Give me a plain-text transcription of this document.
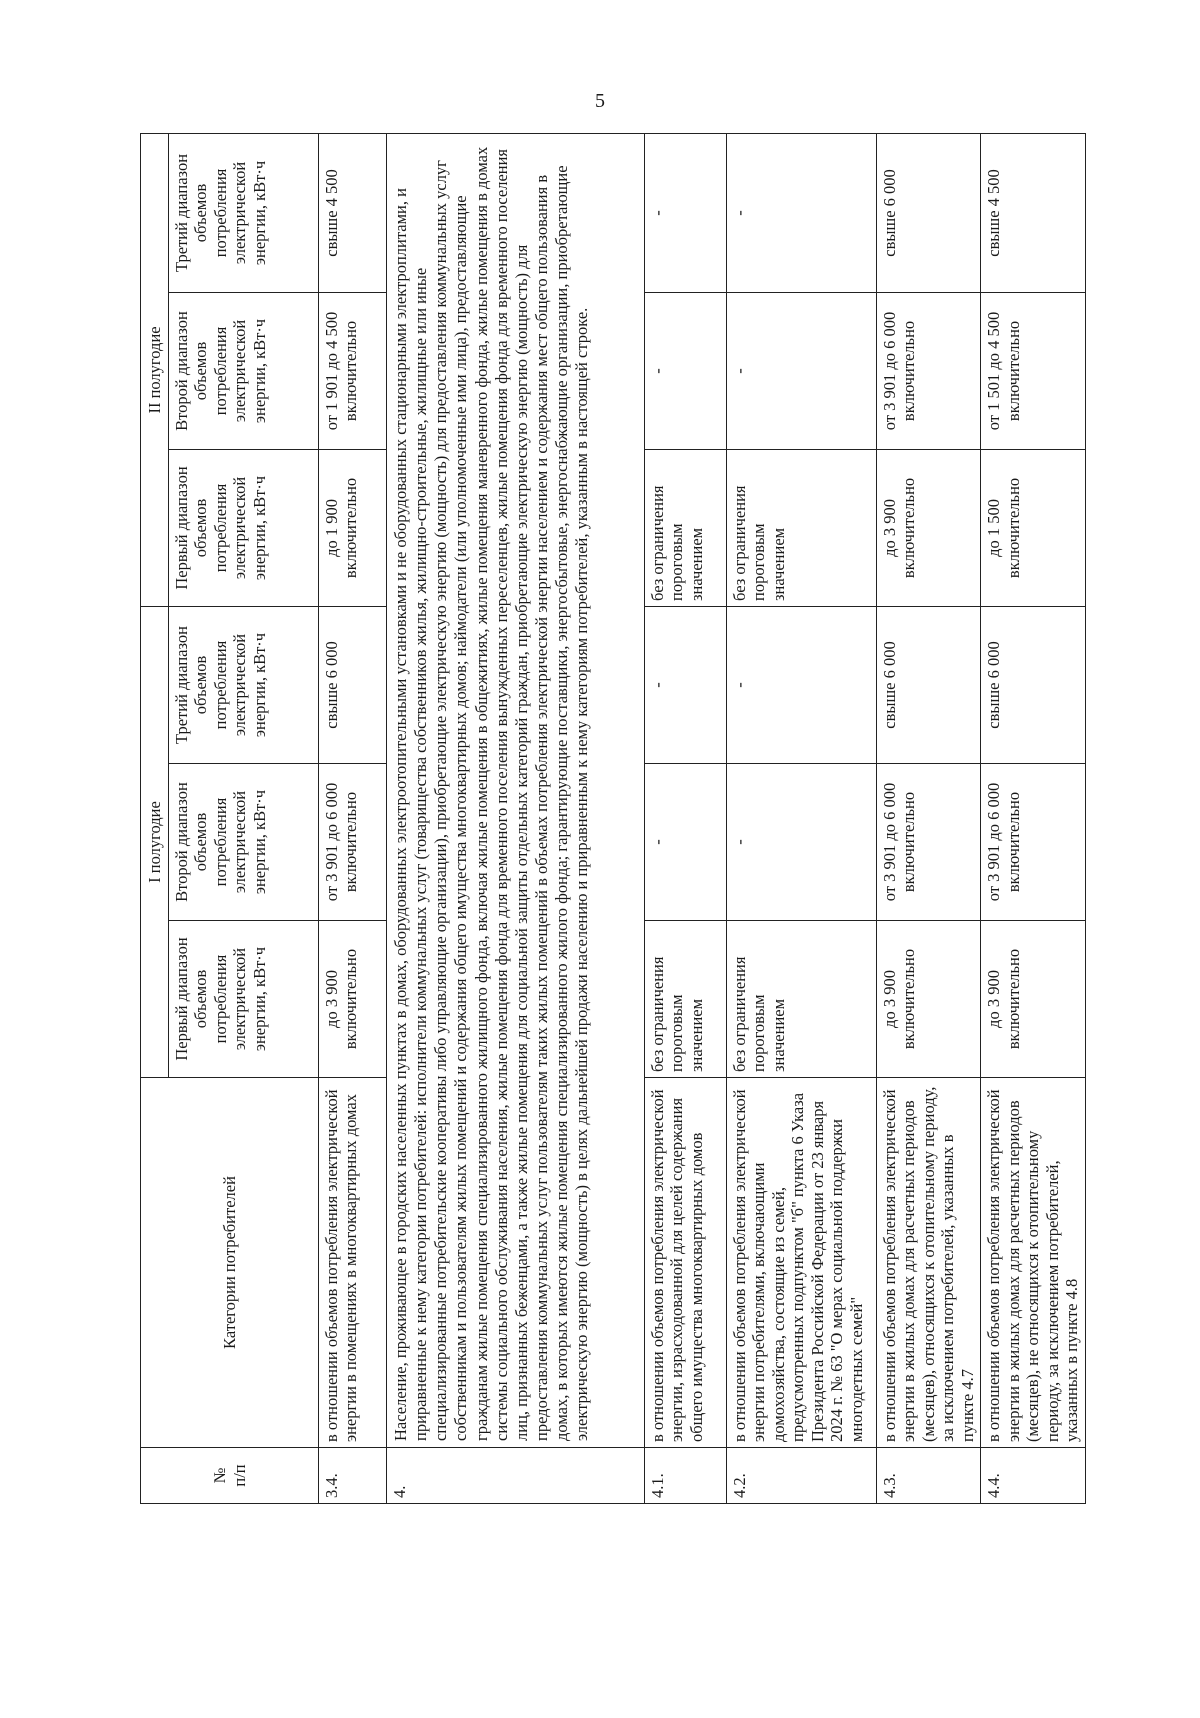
5
№
п/п	Категории потребителей	I полугодие			II полугодие		
		Первый диапазон объемов потребления электрической энергии, кВт·ч	Второй диапазон объемов потребления электрической энергии, кВт·ч	Третий диапазон объемов потребления электрической энергии, кВт·ч	Первый диапазон объемов потребления электрической энергии, кВт·ч	Второй диапазон объемов потребления электрической энергии, кВт·ч	Третий диапазон объемов потребления электрической энергии, кВт·ч
3.4.	в отношении объемов потребления электрической энергии в помещениях в многоквартирных домах	до 3 900 включительно	от 3 901 до 6 000 включительно	свыше 6 000	до 1 900 включительно	от 1 901 до 4 500 включительно	свыше 4 500
4.	Население, проживающее в городских населенных пунктах в домах, оборудованных электроотопительными установками и не оборудованных стационарными электроплитами, и приравненные к нему категории потребителей: исполнители коммунальных услуг (товарищества собственников жилья, жилищно-строительные, жилищные или иные специализированные потребительские кооперативы либо управляющие организации), приобретающие электрическую энергию (мощность) для предоставления коммунальных услуг собственникам и пользователям жилых помещений и содержания общего имущества многоквартирных домов; наймодатели (или уполномоченные ими лица), предоставляющие гражданам жилые помещения специализированного жилищного фонда, включая жилые помещения в общежитиях, жилые помещения маневренного фонда, жилые помещения в домах системы социального обслуживания населения, жилые помещения фонда для временного поселения вынужденных переселенцев, жилые помещения фонда для временного поселения лиц, признанных беженцами, а также жилые помещения для социальной защиты отдельных категорий граждан, приобретающие электрическую энергию (мощность) для предоставления коммунальных услуг пользователям таких жилых помещений в объемах потребления электрической энергии населением и содержания мест общего пользования в домах, в которых имеются жилые помещения специализированного жилого фонда; гарантирующие поставщики, энергосбытовые, энергоснабжающие организации, приобретающие электрическую энергию (мощность) в целях дальнейшей продажи населению и приравненным к нему категориям потребителей, указанным в настоящей строке.						
4.1.	в отношении объемов потребления электрической энергии, израсходованной для целей содержания общего имущества многоквартирных домов	без ограничения пороговым значением	-	-	без ограничения пороговым значением	-	-
4.2.	в отношении объемов потребления электрической энергии потребителями, включающими домохозяйства, состоящие из семей, предусмотренных подпунктом "б" пункта 6 Указа Президента Российской Федерации от 23 января 2024 г. № 63 "О мерах социальной поддержки многодетных семей"	без ограничения пороговым значением	-	-	без ограничения пороговым значением	-	-
4.3.	в отношении объемов потребления электрической энергии в жилых домах для расчетных периодов (месяцев), относящихся к отопительному периоду, за исключением потребителей, указанных в пункте 4.7	до 3 900 включительно	от 3 901 до 6 000 включительно	свыше 6 000	до 3 900 включительно	от 3 901 до 6 000 включительно	свыше 6 000
4.4.	в отношении объемов потребления электрической энергии в жилых домах для расчетных периодов (месяцев), не относящихся к отопительному периоду, за исключением потребителей, указанных в пункте 4.8	до 3 900 включительно	от 3 901 до 6 000 включительно	свыше 6 000	до 1 500 включительно	от 1 501 до 4 500 включительно	свыше 4 500
